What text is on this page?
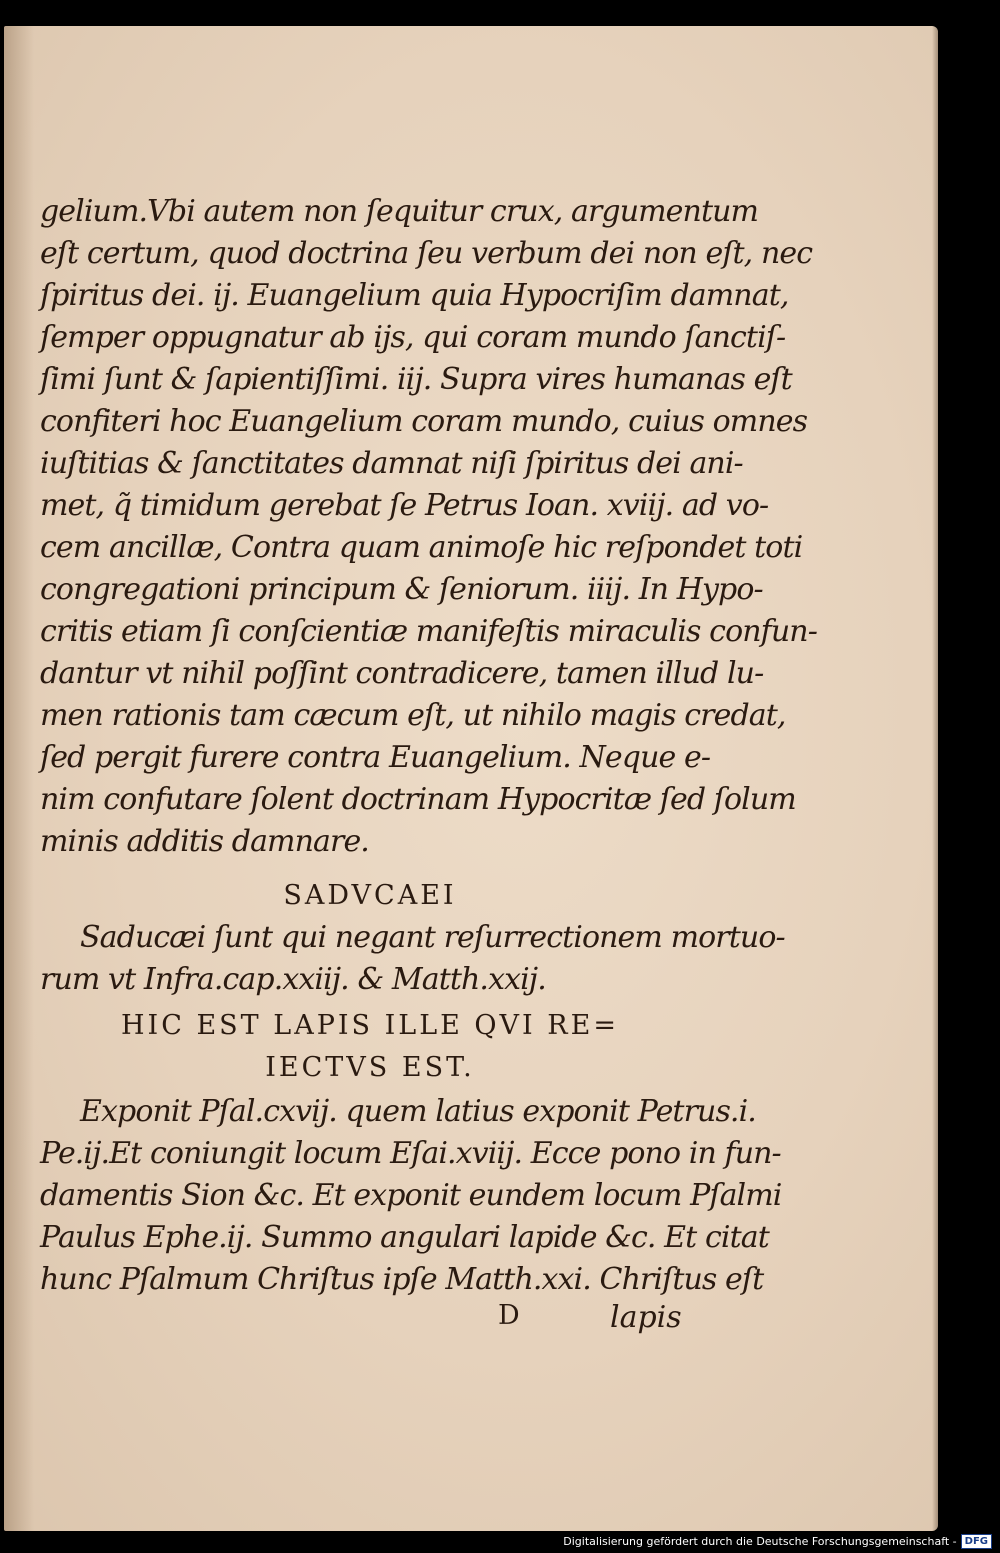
gelium.Vbi autem non ſequitur crux, argumentum
eſt certum, quod doctrina ſeu verbum dei non eſt, nec
ſpiritus dei. ij. Euangelium quia Hypocriſim damnat,
ſemper oppugnatur ab ijs, qui coram mundo ſanctiſ-
ſimi ſunt & ſapientiſſimi. iij. Supra vires humanas eſt
confiteri hoc Euangelium coram mundo, cuius omnes
iuſtitias & ſanctitates damnat niſi ſpiritus dei ani-
met, q̃ timidum gerebat ſe Petrus Ioan. xviij. ad vo-
cem ancillæ, Contra quam animoſe hic reſpondet toti
congregationi principum & ſeniorum. iiij. In Hypo-
critis etiam ſi conſcientiæ manifeſtis miraculis confun-
dantur vt nihil poſſint contradicere, tamen illud lu-
men rationis tam cæcum eſt, ut nihilo magis credat,
ſed pergit furere contra Euangelium. Neque e-
nim confutare ſolent doctrinam Hypocritæ ſed ſolum
minis additis damnare.
SADVCAEI
Saducæi ſunt qui negant reſurrectionem mortuo-
rum vt Infra.cap.xxiij. & Matth.xxij.
HIC EST LAPIS ILLE QVI RE=
IECTVS EST.
Exponit Pſal.cxvij. quem latius exponit Petrus.i.
Pe.ij.Et coniungit locum Eſai.xviij. Ecce pono in fun-
damentis Sion &c. Et exponit eundem locum Pſalmi
Paulus Ephe.ij. Summo angulari lapide &c. Et citat
hunc Pſalmum Chriſtus ipſe Matth.xxi. Chriſtus eſt
D	lapis
Digitalisierung gefördert durch die Deutsche Forschungsgemeinschaft - DFG
